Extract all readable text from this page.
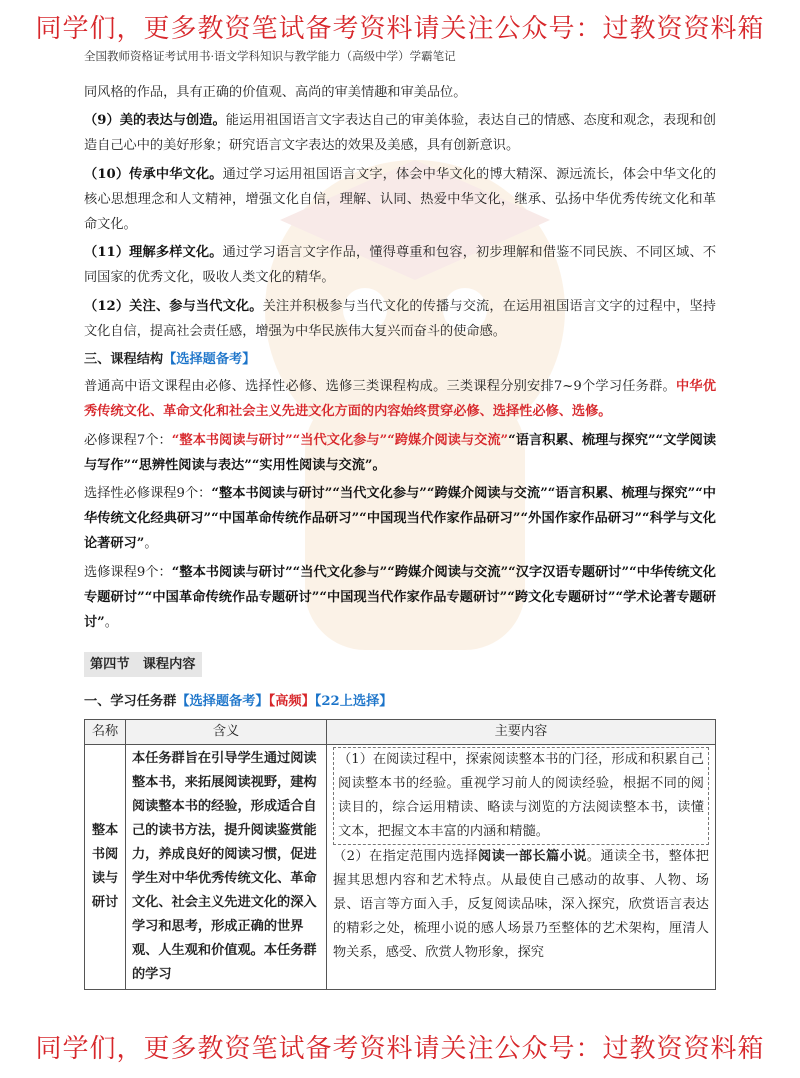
同学们，更多教资笔试备考资料请关注公众号：过教资资料箱
全国教师资格证考试用书·语文学科知识与教学能力（高级中学）学霸笔记

同风格的作品，具有正确的价值观、高尚的审美情趣和审美品位。

（9）美的表达与创造。能运用祖国语言文字表达自己的审美体验，表达自己的情感、态度和观念，表现和创造自己心中的美好形象；研究语言文字表达的效果及美感，具有创新意识。

（10）传承中华文化。通过学习运用祖国语言文字，体会中华文化的博大精深、源远流长，体会中华文化的核心思想理念和人文精神，增强文化自信，理解、认同、热爱中华文化，继承、弘扬中华优秀传统文化和革命文化。

（11）理解多样文化。通过学习语言文字作品，懂得尊重和包容，初步理解和借鉴不同民族、不同区域、不同国家的优秀文化，吸收人类文化的精华。

（12）关注、参与当代文化。关注并积极参与当代文化的传播与交流，在运用祖国语言文字的过程中，坚持文化自信，提高社会责任感，增强为中华民族伟大复兴而奋斗的使命感。

三、课程结构【选择题备考】

普通高中语文课程由必修、选择性必修、选修三类课程构成。三类课程分别安排7~9个学习任务群。中华优秀传统文化、革命文化和社会主义先进文化方面的内容始终贯穿必修、选择性必修、选修。

必修课程7个：“整本书阅读与研讨”“当代文化参与”“跨媒介阅读与交流”“语言积累、梳理与探究”“文学阅读与写作”“思辨性阅读与表达”“实用性阅读与交流”。

选择性必修课程9个：“整本书阅读与研讨”“当代文化参与”“跨媒介阅读与交流”“语言积累、梳理与探究”“中华传统文化经典研习”“中国革命传统作品研习”“中国现当代作家作品研习”“外国作家作品研习”“科学与文化论著研习”。

选修课程9个：“整本书阅读与研讨”“当代文化参与”“跨媒介阅读与交流”“汉字汉语专题研讨”“中华传统文化专题研讨”“中国革命传统作品专题研讨”“中国现当代作家作品专题研讨”“跨文化专题研讨”“学术论著专题研讨”。

第四节　课程内容
一、学习任务群【选择题备考】【高频】【22上选择】
名称	含义	主要内容
整本书阅读与研讨	本任务群旨在引导学生通过阅读整本书，来拓展阅读视野，建构阅读整本书的经验，形成适合自己的读书方法，提升阅读鉴赏能力，养成良好的阅读习惯，促进学生对中华优秀传统文化、革命文化、社会主义先进文化的深入学习和思考，形成正确的世界观、人生观和价值观。本任务群的学习	（1）在阅读过程中，探索阅读整本书的门径，形成和积累自己阅读整本书的经验。重视学习前人的阅读经验，根据不同的阅读目的，综合运用精读、略读与浏览的方法阅读整本书，读懂文本，把握文本丰富的内涵和精髓。
（2）在指定范围内选择阅读一部长篇小说。通读全书，整体把握其思想内容和艺术特点。从最使自己感动的故事、人物、场景、语言等方面入手，反复阅读品味，深入探究，欣赏语言表达的精彩之处，梳理小说的感人场景乃至整体的艺术架构，厘清人物关系，感受、欣赏人物形象，探究
同学们，更多教资笔试备考资料请关注公众号：过教资资料箱
